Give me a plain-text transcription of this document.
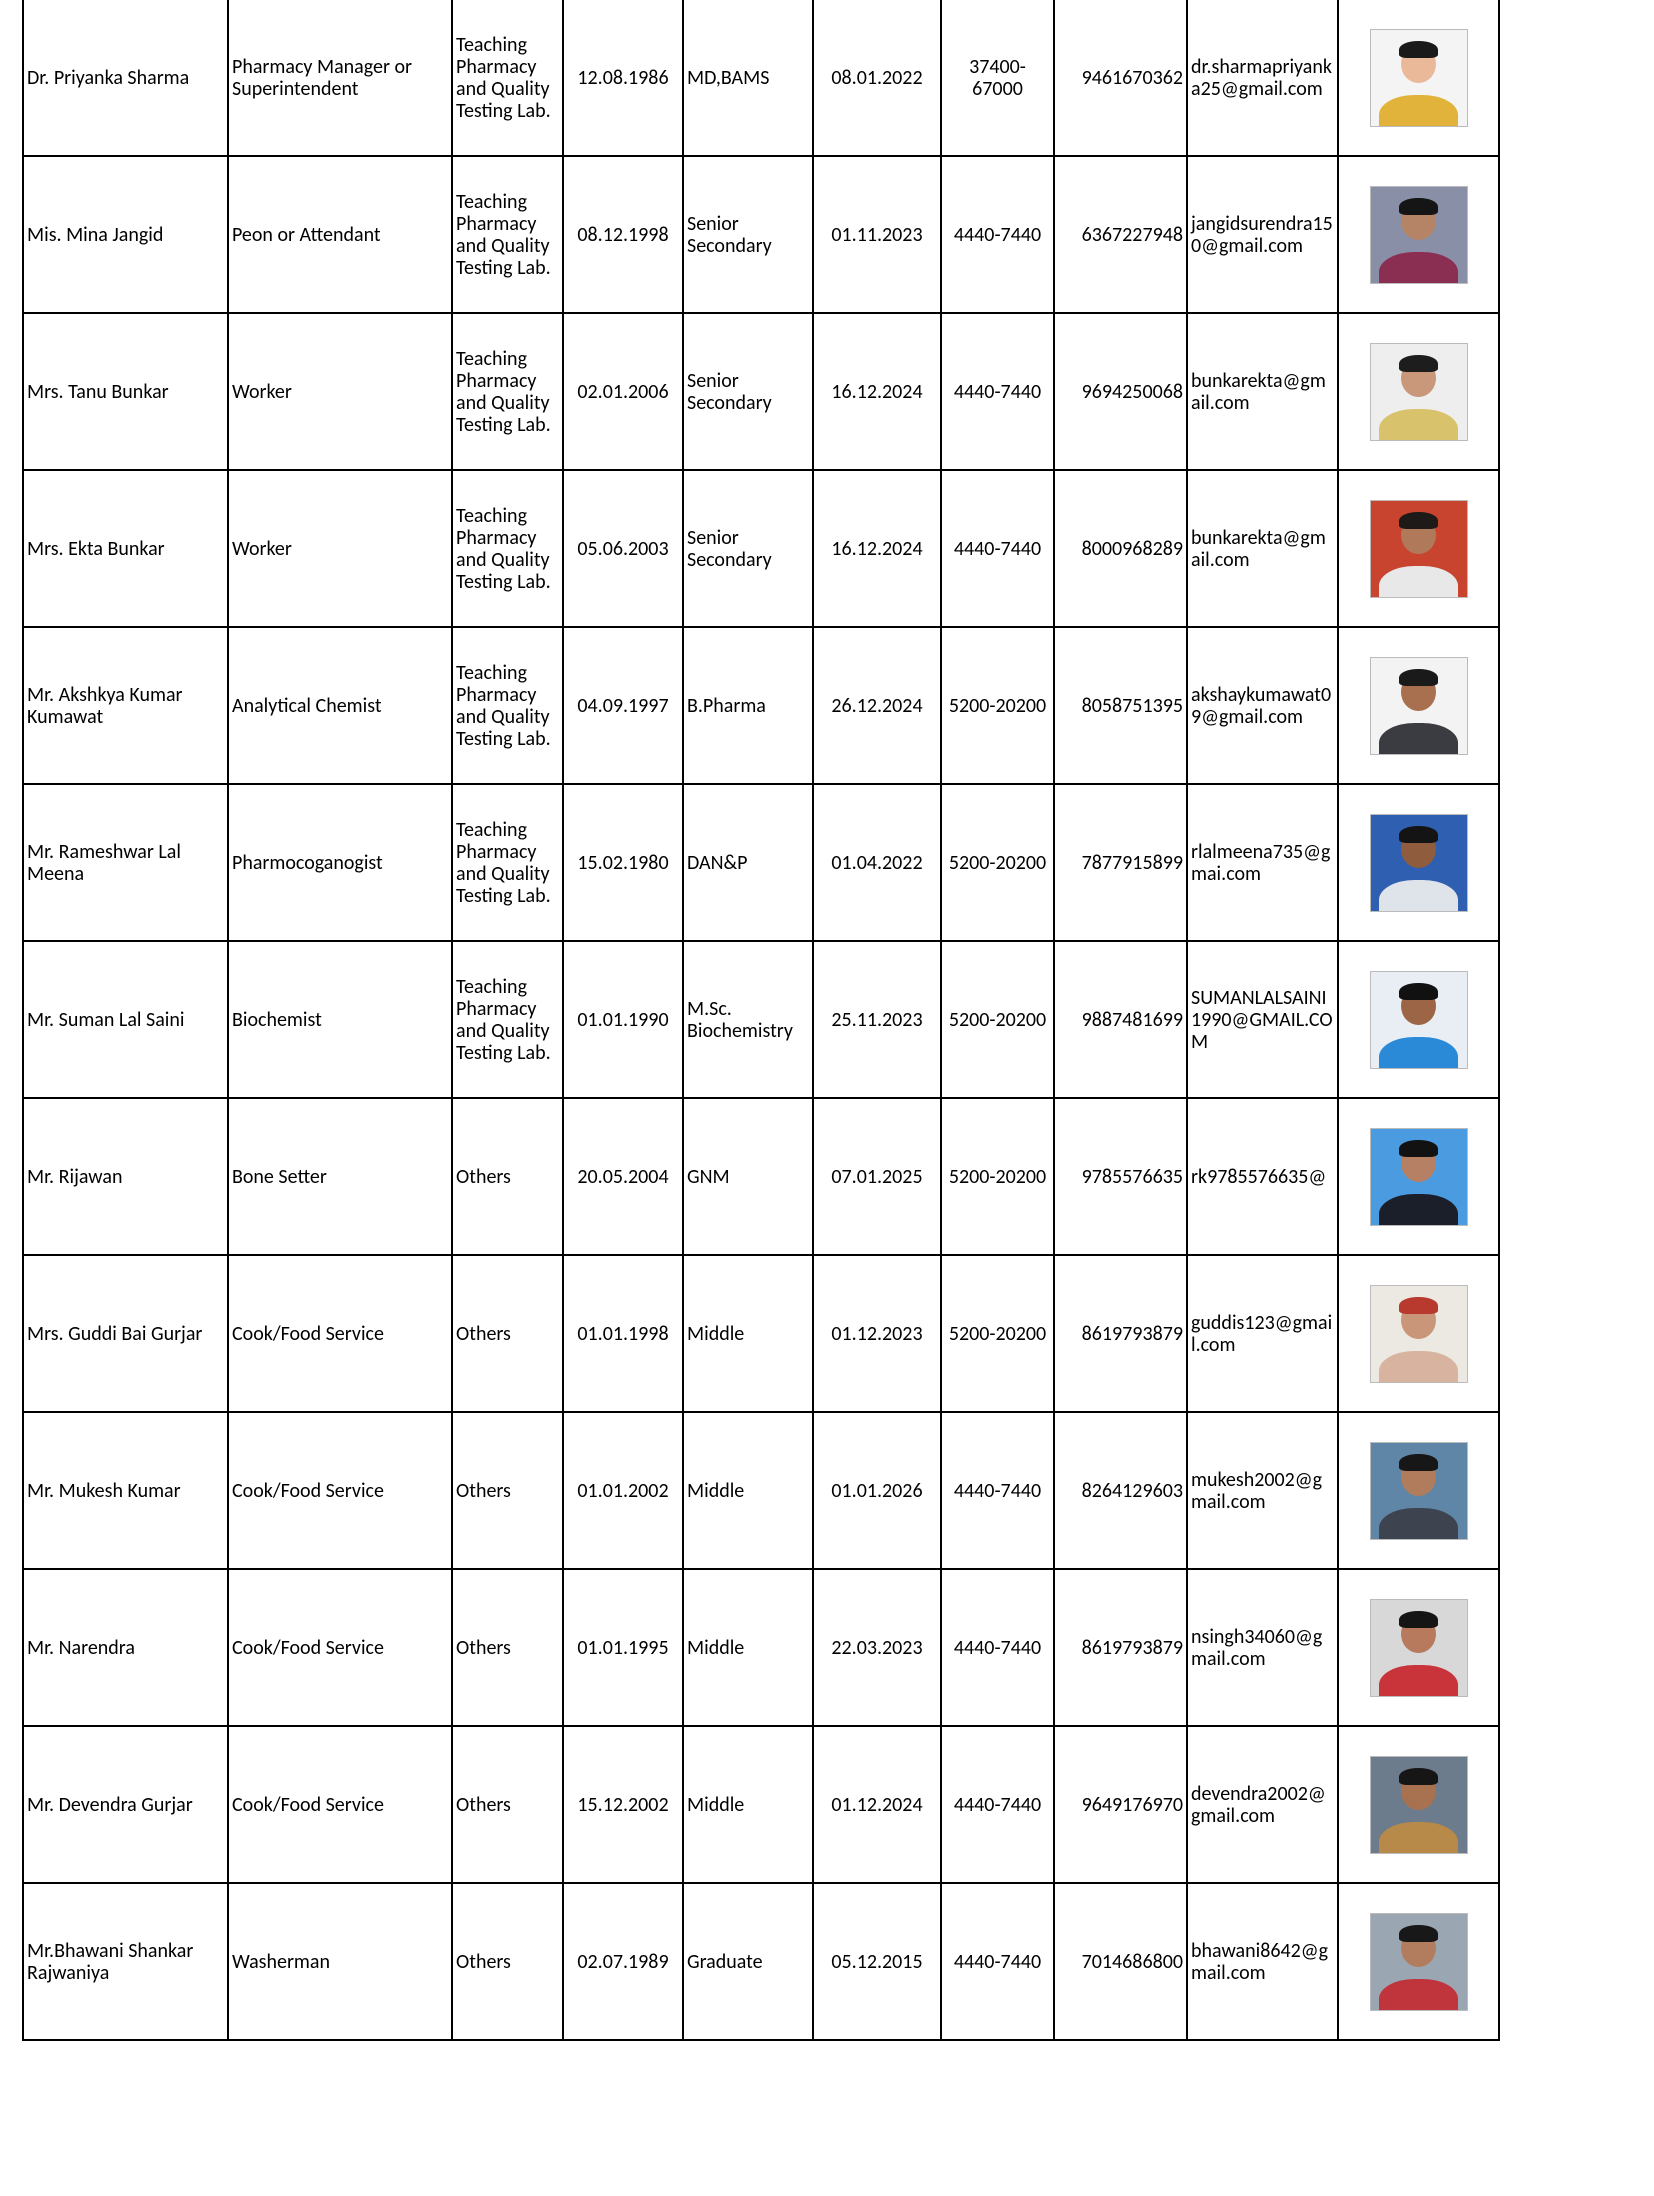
Dr. Priyanka Sharma	Pharmacy Manager or Superintendent	Teaching Pharmacy and Quality Testing Lab.	12.08.1986	MD,BAMS	08.01.2022	37400-67000	9461670362	dr.sharmapriyanka25@gmail.com	

Mis. Mina Jangid	Peon or Attendant	Teaching Pharmacy and Quality Testing Lab.	08.12.1998	Senior Secondary	01.11.2023	4440-7440	6367227948	jangidsurendra150@gmail.com	

Mrs. Tanu Bunkar	Worker	Teaching Pharmacy and Quality Testing Lab.	02.01.2006	Senior Secondary	16.12.2024	4440-7440	9694250068	bunkarekta@gmail.com	

Mrs. Ekta Bunkar	Worker	Teaching Pharmacy and Quality Testing Lab.	05.06.2003	Senior Secondary	16.12.2024	4440-7440	8000968289	bunkarekta@gmail.com	

Mr. Akshkya Kumar Kumawat	Analytical Chemist	Teaching Pharmacy and Quality Testing Lab.	04.09.1997	B.Pharma	26.12.2024	5200-20200	8058751395	akshaykumawat09@gmail.com	

Mr. Rameshwar Lal Meena	Pharmocoganogist	Teaching Pharmacy and Quality Testing Lab.	15.02.1980	DAN&P	01.04.2022	5200-20200	7877915899	rlalmeena735@gmai.com	

Mr. Suman Lal Saini	Biochemist	Teaching Pharmacy and Quality Testing Lab.	01.01.1990	M.Sc. Biochemistry	25.11.2023	5200-20200	9887481699	SUMANLALSAINI1990@GMAIL.COM	

Mr. Rijawan	Bone Setter	Others	20.05.2004	GNM	07.01.2025	5200-20200	9785576635	rk9785576635@	

Mrs. Guddi Bai Gurjar	Cook/Food Service	Others	01.01.1998	Middle	01.12.2023	5200-20200	8619793879	guddis123@gmail.com	

Mr. Mukesh Kumar	Cook/Food Service	Others	01.01.2002	Middle	01.01.2026	4440-7440	8264129603	mukesh2002@gmail.com	

Mr. Narendra	Cook/Food Service	Others	01.01.1995	Middle	22.03.2023	4440-7440	8619793879	nsingh34060@gmail.com	

Mr. Devendra Gurjar	Cook/Food Service	Others	15.12.2002	Middle	01.12.2024	4440-7440	9649176970	devendra2002@gmail.com	

Mr.Bhawani Shankar Rajwaniya	Washerman	Others	02.07.1989	Graduate	05.12.2015	4440-7440	7014686800	bhawani8642@gmail.com	
